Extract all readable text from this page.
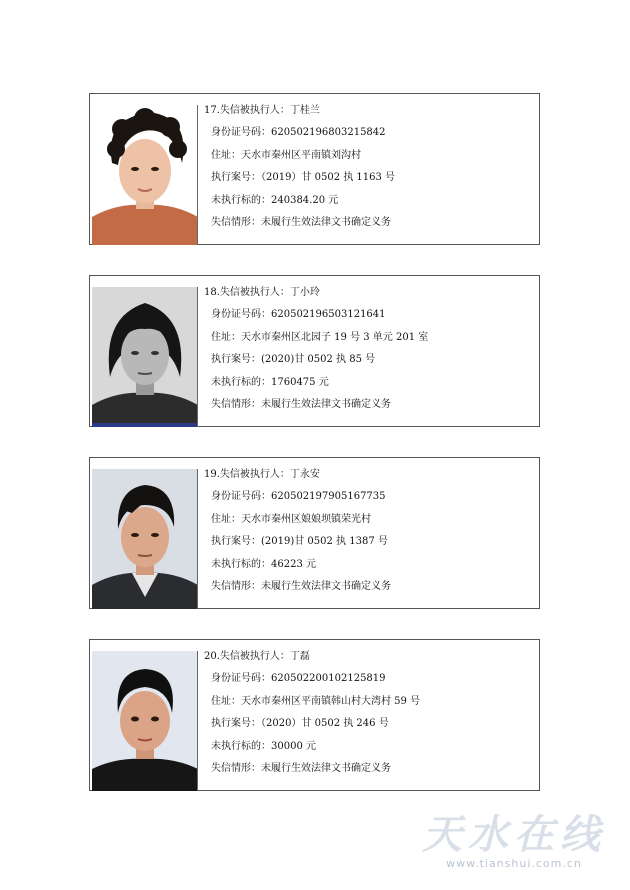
17.失信被执行人：丁桂兰
身份证号码：620502196803215842
住址：天水市秦州区平南镇刘沟村
执行案号：（2019）甘 0502 执 1163 号
未执行标的：240384.20 元
失信情形：未履行生效法律文书确定义务
18.失信被执行人：丁小玲
身份证号码：620502196503121641
住址：天水市秦州区北园子 19 号 3 单元 201 室
执行案号：(2020)甘 0502 执 85 号
未执行标的：1760475 元
失信情形：未履行生效法律文书确定义务
19.失信被执行人：丁永安
身份证号码：620502197905167735
住址：天水市秦州区娘娘坝镇荣光村
执行案号：(2019)甘 0502 执 1387 号
未执行标的：46223 元
失信情形：未履行生效法律文书确定义务
20.失信被执行人：丁磊
身份证号码：620502200102125819
住址：天水市秦州区平南镇韩山村大湾村 59 号
执行案号：（2020）甘 0502 执 246 号
未执行标的：30000 元
失信情形：未履行生效法律文书确定义务
天水在线
www.tianshui.com.cn
